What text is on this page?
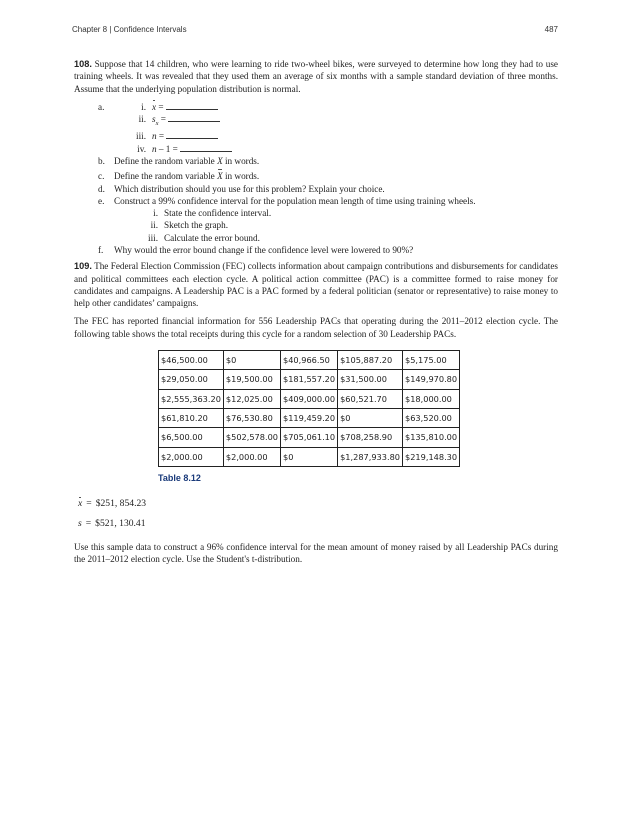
Chapter 8 | Confidence Intervals	487

108. Suppose that 14 children, who were learning to ride two-wheel bikes, were surveyed to determine how long they had to use training wheels. It was revealed that they used them an average of six months with a sample standard deviation of three months. Assume that the underlying population distribution is normal.

a.	i. x =
ii. $s_x$ =
iii. n =
iv. n – 1 =
b. Define the random variable X in words.
c. Define the random variable X in words.
d. Which distribution should you use for this problem? Explain your choice.
e. Construct a 99% confidence interval for the population mean length of time using training wheels.
i. State the confidence interval.
ii. Sketch the graph.
iii. Calculate the error bound.
f. Why would the error bound change if the confidence level were lowered to 90%?

109. The Federal Election Commission (FEC) collects information about campaign contributions and disbursements for candidates and political committees each election cycle. A political action committee (PAC) is a committee formed to raise money for candidates and campaigns. A Leadership PAC is a PAC formed by a federal politician (senator or representative) to raise money to help other candidates’ campaigns.

The FEC has reported financial information for 556 Leadership PACs that operating during the 2011–2012 election cycle. The following table shows the total receipts during this cycle for a random selection of 30 Leadership PACs.

$46,500.00	$0	$40,966.50	$105,887.20	$5,175.00
$29,050.00	$19,500.00	$181,557.20	$31,500.00	$149,970.80
$2,555,363.20	$12,025.00	$409,000.00	$60,521.70	$18,000.00
$61,810.20	$76,530.80	$119,459.20	$0	$63,520.00
$6,500.00	$502,578.00	$705,061.10	$708,258.90	$135,810.00
$2,000.00	$2,000.00	$0	$1,287,933.80	$219,148.30
Table 8.12
x = $251, 854.23
s = $521, 130.41

Use this sample data to construct a 96% confidence interval for the mean amount of money raised by all Leadership PACs during the 2011–2012 election cycle. Use the Student's t-distribution.
